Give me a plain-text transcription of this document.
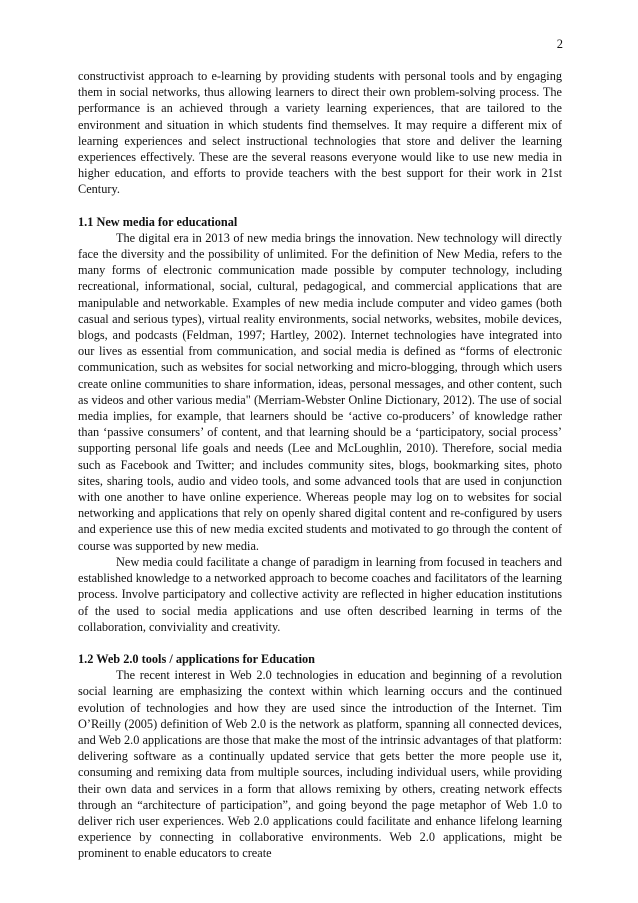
2

constructivist approach to e-learning by providing students with personal tools and by engaging them in social networks, thus allowing learners to direct their own problem-solving process. The performance is an achieved through a variety learning experiences, that are tailored to the environment and situation in which students find themselves. It may require a different mix of learning experiences and select instructional technologies that store and deliver the learning experiences effectively. These are the several reasons everyone would like to use new media in higher education, and efforts to provide teachers with the best support for their work in 21st Century.

1.1 New media for educational

The digital era in 2013 of new media brings the innovation. New technology will directly face the diversity and the possibility of unlimited. For the definition of New Media, refers to the many forms of electronic communication made possible by computer technology, including recreational, informational, social, cultural, pedagogical, and commercial applications that are manipulable and networkable. Examples of new media include computer and video games (both casual and serious types), virtual reality environments, social networks, websites, mobile devices, blogs, and podcasts (Feldman, 1997; Hartley, 2002). Internet technologies have integrated into our lives as essential from communication, and social media is defined as “forms of electronic communication, such as websites for social networking and micro-blogging, through which users create online communities to share information, ideas, personal messages, and other content, such as videos and other various media" (Merriam-Webster Online Dictionary, 2012). The use of social media implies, for example, that learners should be ‘active co-producers’ of knowledge rather than ‘passive consumers’ of content, and that learning should be a ‘participatory, social process’ supporting personal life goals and needs (Lee and McLoughlin, 2010). Therefore, social media such as Facebook and Twitter; and includes community sites, blogs, bookmarking sites, photo sites, sharing tools, audio and video tools, and some advanced tools that are used in conjunction with one another to have online experience. Whereas people may log on to websites for social networking and applications that rely on openly shared digital content and re-configured by users and experience use this of new media excited students and motivated to go through the content of course was supported by new media.

New media could facilitate a change of paradigm in learning from focused in teachers and established knowledge to a networked approach to become coaches and facilitators of the learning process. Involve participatory and collective activity are reflected in higher education institutions of the used to social media applications and use often described learning in terms of the collaboration, conviviality and creativity.

1.2 Web 2.0 tools / applications for Education

The recent interest in Web 2.0 technologies in education and beginning of a revolution social learning are emphasizing the context within which learning occurs and the continued evolution of technologies and how they are used since the introduction of the Internet. Tim O’Reilly (2005) definition of Web 2.0 is the network as platform, spanning all connected devices, and Web 2.0 applications are those that make the most of the intrinsic advantages of that platform: delivering software as a continually updated service that gets better the more people use it, consuming and remixing data from multiple sources, including individual users, while providing their own data and services in a form that allows remixing by others, creating network effects through an “architecture of participation”, and going beyond the page metaphor of Web 1.0 to deliver rich user experiences. Web 2.0 applications could facilitate and enhance lifelong learning experience by connecting in collaborative environments. Web 2.0 applications, might be prominent to enable educators to create
